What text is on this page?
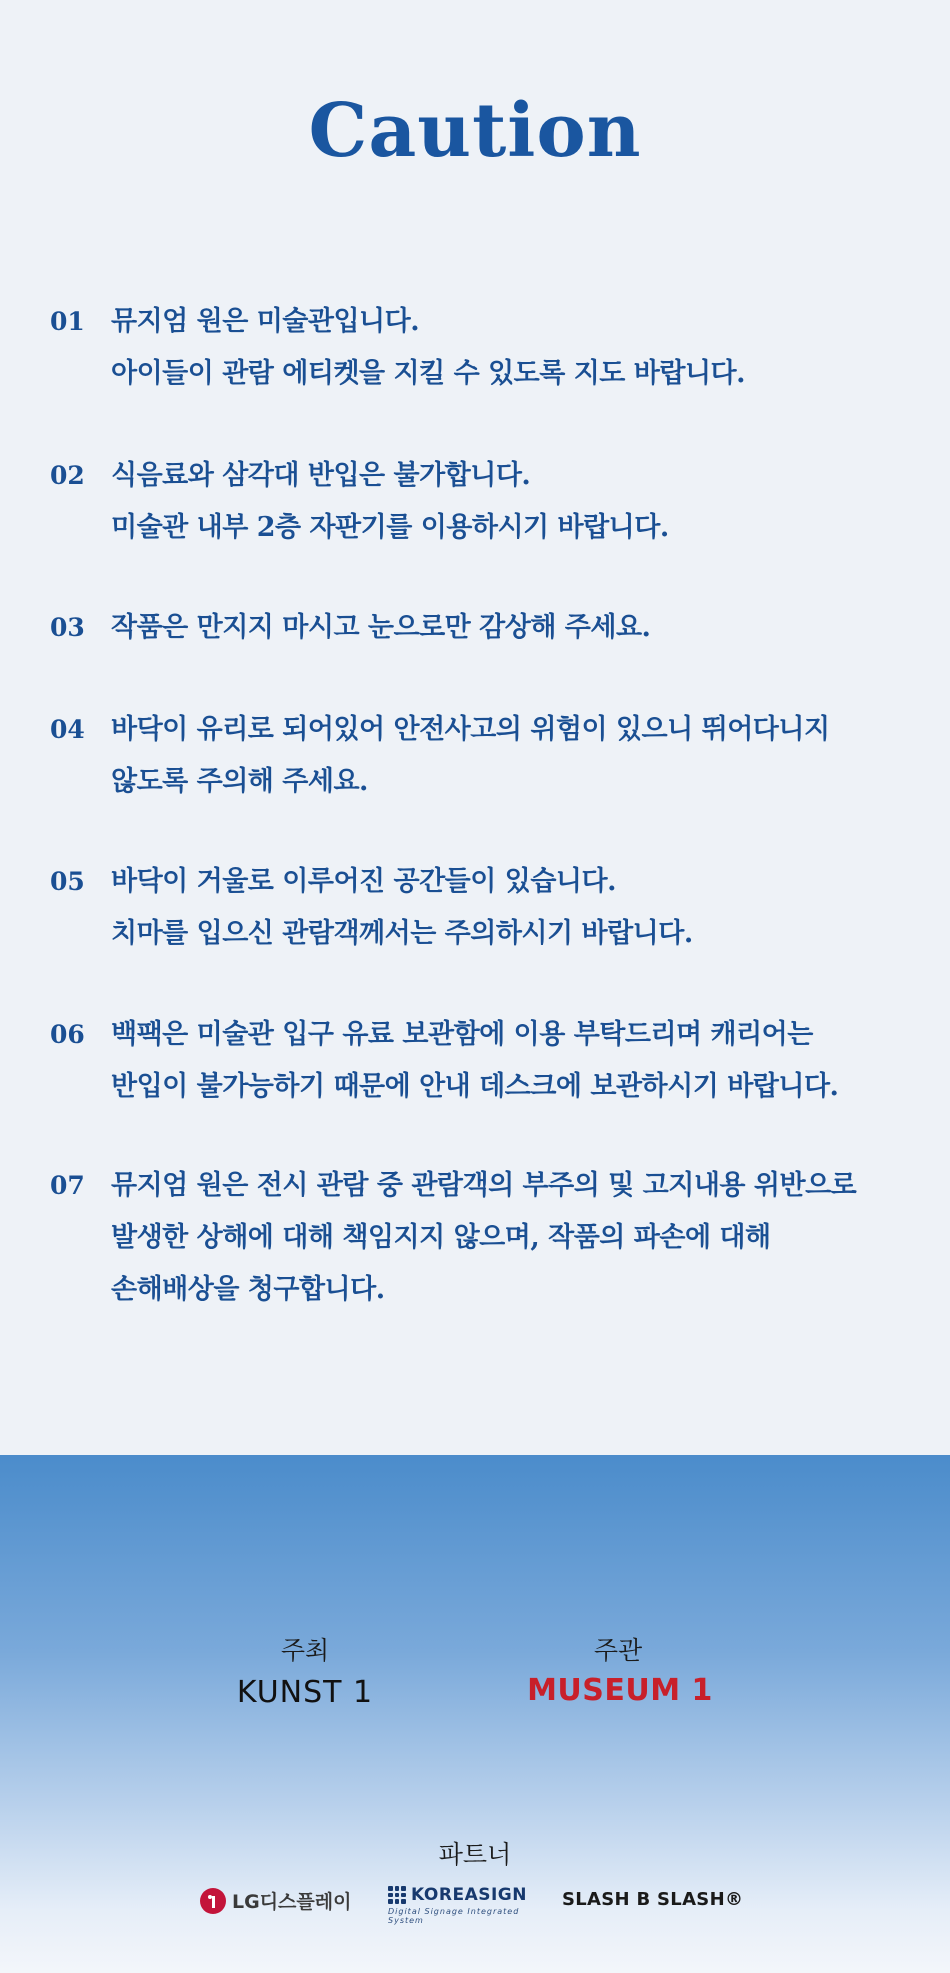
Caution
01 뮤지엄 원은 미술관입니다.
아이들이 관람 에티켓을 지킬 수 있도록 지도 바랍니다.
02 식음료와 삼각대 반입은 불가합니다.
미술관 내부 2층 자판기를 이용하시기 바랍니다.
03 작품은 만지지 마시고 눈으로만 감상해 주세요.
04 바닥이 유리로 되어있어 안전사고의 위험이 있으니 뛰어다니지
않도록 주의해 주세요.
05 바닥이 거울로 이루어진 공간들이 있습니다.
치마를 입으신 관람객께서는 주의하시기 바랍니다.
06 백팩은 미술관 입구 유료 보관함에 이용 부탁드리며 캐리어는
반입이 불가능하기 때문에 안내 데스크에 보관하시기 바랍니다.
07 뮤지엄 원은 전시 관람 중 관람객의 부주의 및 고지내용 위반으로
발생한 상해에 대해 책임지지 않으며, 작품의 파손에 대해
손해배상을 청구합니다.
주최	주관
KUNST 1	MUSEUM 1
파트너
LG디스플레이	KOREASIGN
Digital Signage Integrated System
SLASH B SLASH®
